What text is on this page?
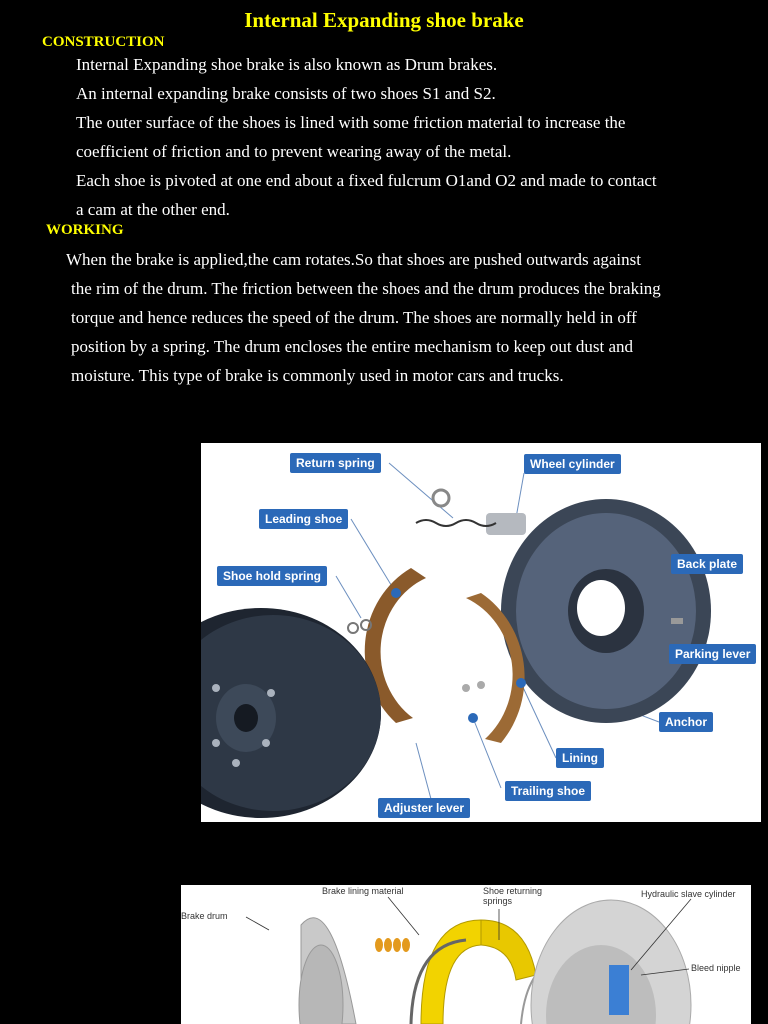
Internal Expanding shoe brake
CONSTRUCTION

Internal Expanding shoe brake is also known as Drum brakes.

An internal expanding brake consists of two shoes S1 and S2.

The outer surface of the shoes is lined with some friction material to increase the

coefficient of friction and to prevent wearing away of the metal.

Each shoe is pivoted at one end about a fixed fulcrum O1and O2 and made to contact

a cam at the other end.

WORKING

When the brake is applied,the cam rotates.So that shoes are pushed outwards against

the rim of the drum. The friction between the shoes and the drum produces the braking

torque and hence reduces the speed of the drum. The shoes are normally held in off

position by a spring. The drum encloses the entire mechanism to keep out dust and

moisture. This type of brake is commonly used in motor cars and trucks.

Return spring	Wheel cylinder
Leading shoe
Shoe hold spring
Back plate
Parking lever
Anchor
Lining
Trailing shoe
Adjuster lever
Brake drum
Brake lining material	Shoe returning springs
Hydraulic slave cylinder
Bleed nipple
